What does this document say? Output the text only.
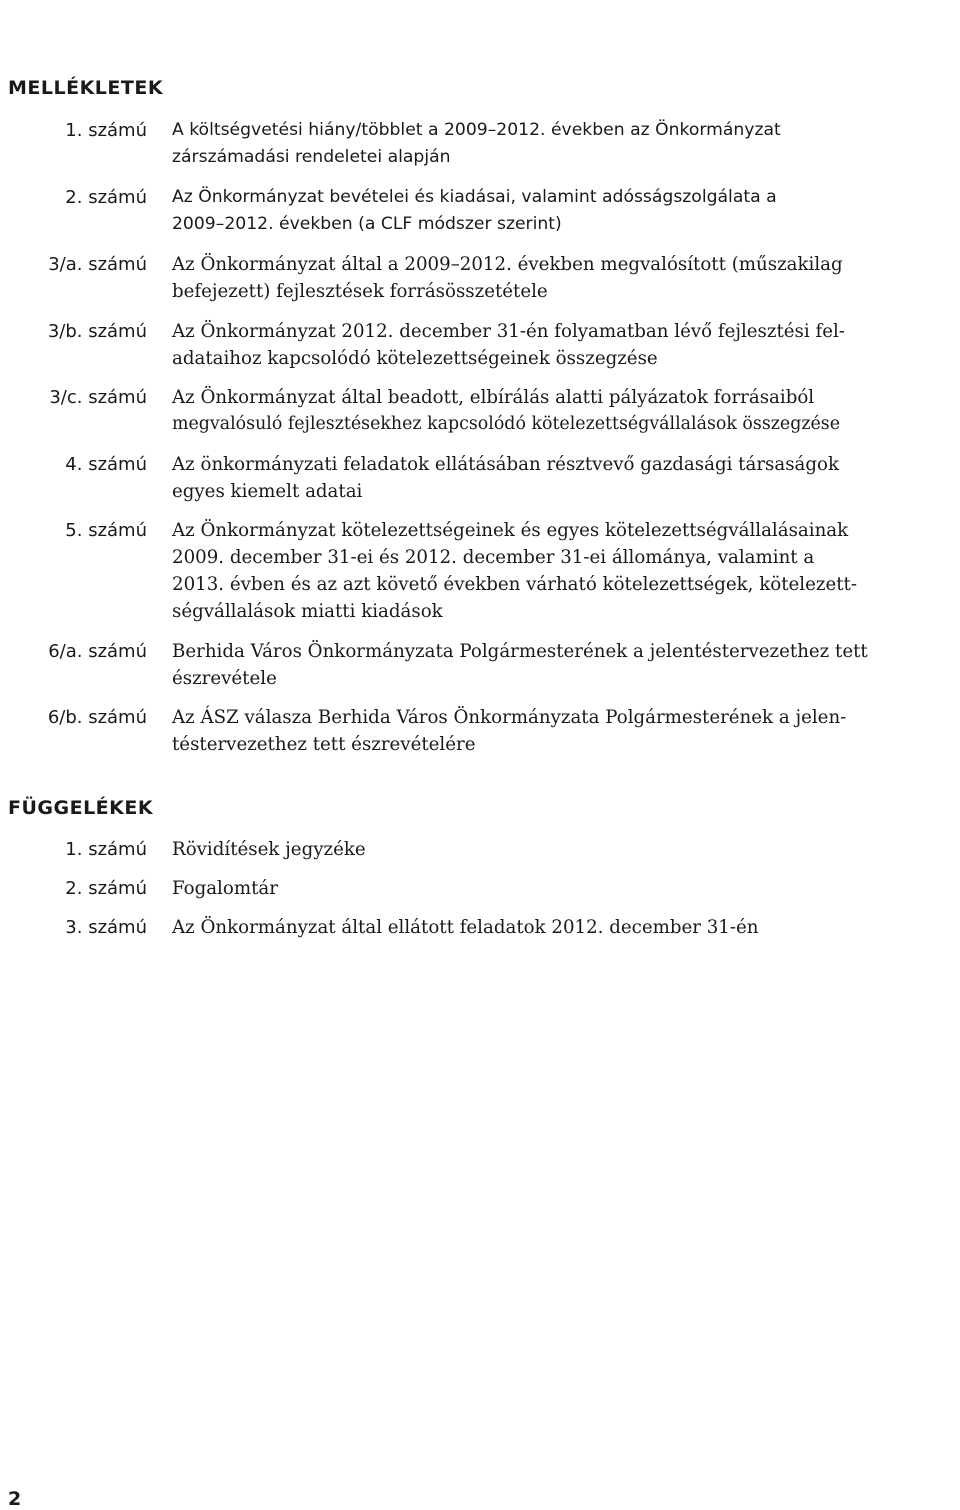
MELLÉKLETEK
1. számú A költségvetési hiány/többlet a 2009–2012. években az Önkormányzat
zárszámadási rendeletei alapján
2. számú Az Önkormányzat bevételei és kiadásai, valamint adósságszolgálata a
2009–2012. években (a CLF módszer szerint)
3/a. számú Az Önkormányzat által a 2009–2012. években megvalósított (műszakilag
befejezett) fejlesztések forrásösszetétele
3/b. számú Az Önkormányzat 2012. december 31-én folyamatban lévő fejlesztési fel-
adataihoz kapcsolódó kötelezettségeinek összegzése
3/c. számú Az Önkormányzat által beadott, elbírálás alatti pályázatok forrásaiból
megvalósuló fejlesztésekhez kapcsolódó kötelezettségvállalások összegzése
4. számú Az önkormányzati feladatok ellátásában résztvevő gazdasági társaságok
egyes kiemelt adatai
5. számú Az Önkormányzat kötelezettségeinek és egyes kötelezettségvállalásainak
2009. december 31-ei és 2012. december 31-ei állománya, valamint a
2013. évben és az azt követő években várható kötelezettségek, kötelezett-
ségvállalások miatti kiadások
6/a. számú Berhida Város Önkormányzata Polgármesterének a jelentéstervezethez tett
észrevétele
6/b. számú Az ÁSZ válasza Berhida Város Önkormányzata Polgármesterének a jelen-
téstervezethez tett észrevételére
FÜGGELÉKEK
1. számú Rövidítések jegyzéke
2. számú Fogalomtár
3. számú Az Önkormányzat által ellátott feladatok 2012. december 31-én
2
